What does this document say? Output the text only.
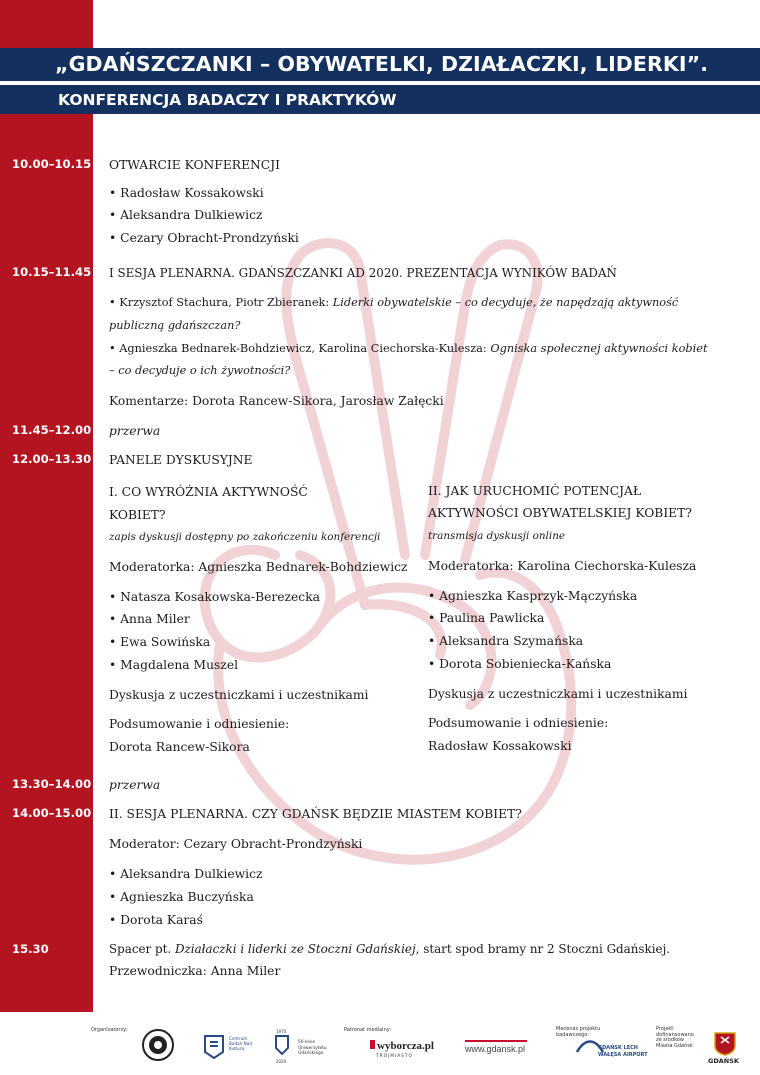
„GDAŃSZCZANKI – OBYWATELKI, DZIAŁACZKI, LIDERKI”.
KONFERENCJA BADACZY I PRAKTYKÓW
10.00–10.15 OTWARCIE KONFERENCJI
• Radosław Kossakowski
• Aleksandra Dulkiewicz
• Cezary Obracht-Prondzyński
10.15–11.45 I SESJA PLENARNA. GDAŃSZCZANKI AD 2020. PREZENTACJA WYNIKÓW BADAŃ
• Krzysztof Stachura, Piotr Zbieranek: Liderki obywatelskie – co decyduje, że napędzają aktywność
publiczną gdańszczan?
• Agnieszka Bednarek-Bohdziewicz, Karolina Ciechorska-Kulesza: Ogniska społecznej aktywności kobiet
– co decyduje o ich żywotności?
Komentarze: Dorota Rancew-Sikora, Jarosław Załęcki
11.45–12.00 przerwa
12.00–13.30 PANELE DYSKUSYJNE
I. CO WYRÓŻNIA AKTYWNOŚĆ
KOBIET?
zapis dyskusji dostępny po zakończeniu konferencji
Moderatorka: Agnieszka Bednarek-Bohdziewicz
• Natasza Kosakowska-Berezecka
• Anna Miler
• Ewa Sowińska
• Magdalena Muszel
Dyskusja z uczestniczkami i uczestnikami
Podsumowanie i odniesienie:
Dorota Rancew-Sikora
II. JAK URUCHOMIĆ POTENCJAŁ
AKTYWNOŚCI OBYWATELSKIEJ KOBIET?
transmisja dyskusji online
Moderatorka: Karolina Ciechorska-Kulesza
• Agnieszka Kasprzyk-Mączyńska
• Paulina Pawlicka
• Aleksandra Szymańska
• Dorota Sobieniecka-Kańska
Dyskusja z uczestniczkami i uczestnikami
Podsumowanie i odniesienie:
Radosław Kossakowski
13.30–14.00 przerwa
14.00–15.00 II. SESJA PLENARNA. CZY GDAŃSK BĘDZIE MIASTEM KOBIET?
Moderator: Cezary Obracht-Prondzyński
• Aleksandra Dulkiewicz
• Agnieszka Buczyńska
• Dorota Karaś
15.30	Spacer pt. Działaczki i liderki ze Stoczni Gdańskiej, start spod bramy nr 2 Stoczni Gdańskiej.
Przewodniczka: Anna Miler
Organizatorzy:
Centrum Badań Nad Kulturą
1970
2020
50-lecie Uniwersytetu Gdańskiego
Patronat medialny:
wyborcza.pl
TRÓJMIASTO
www.gdansk.pl
Mecenas projektu badawczego:
GDAŃSK LECH
WAŁĘSA AIRPORT
Projekt dofinansowano ze środków Miasta Gdańsk
GDAŃSK
